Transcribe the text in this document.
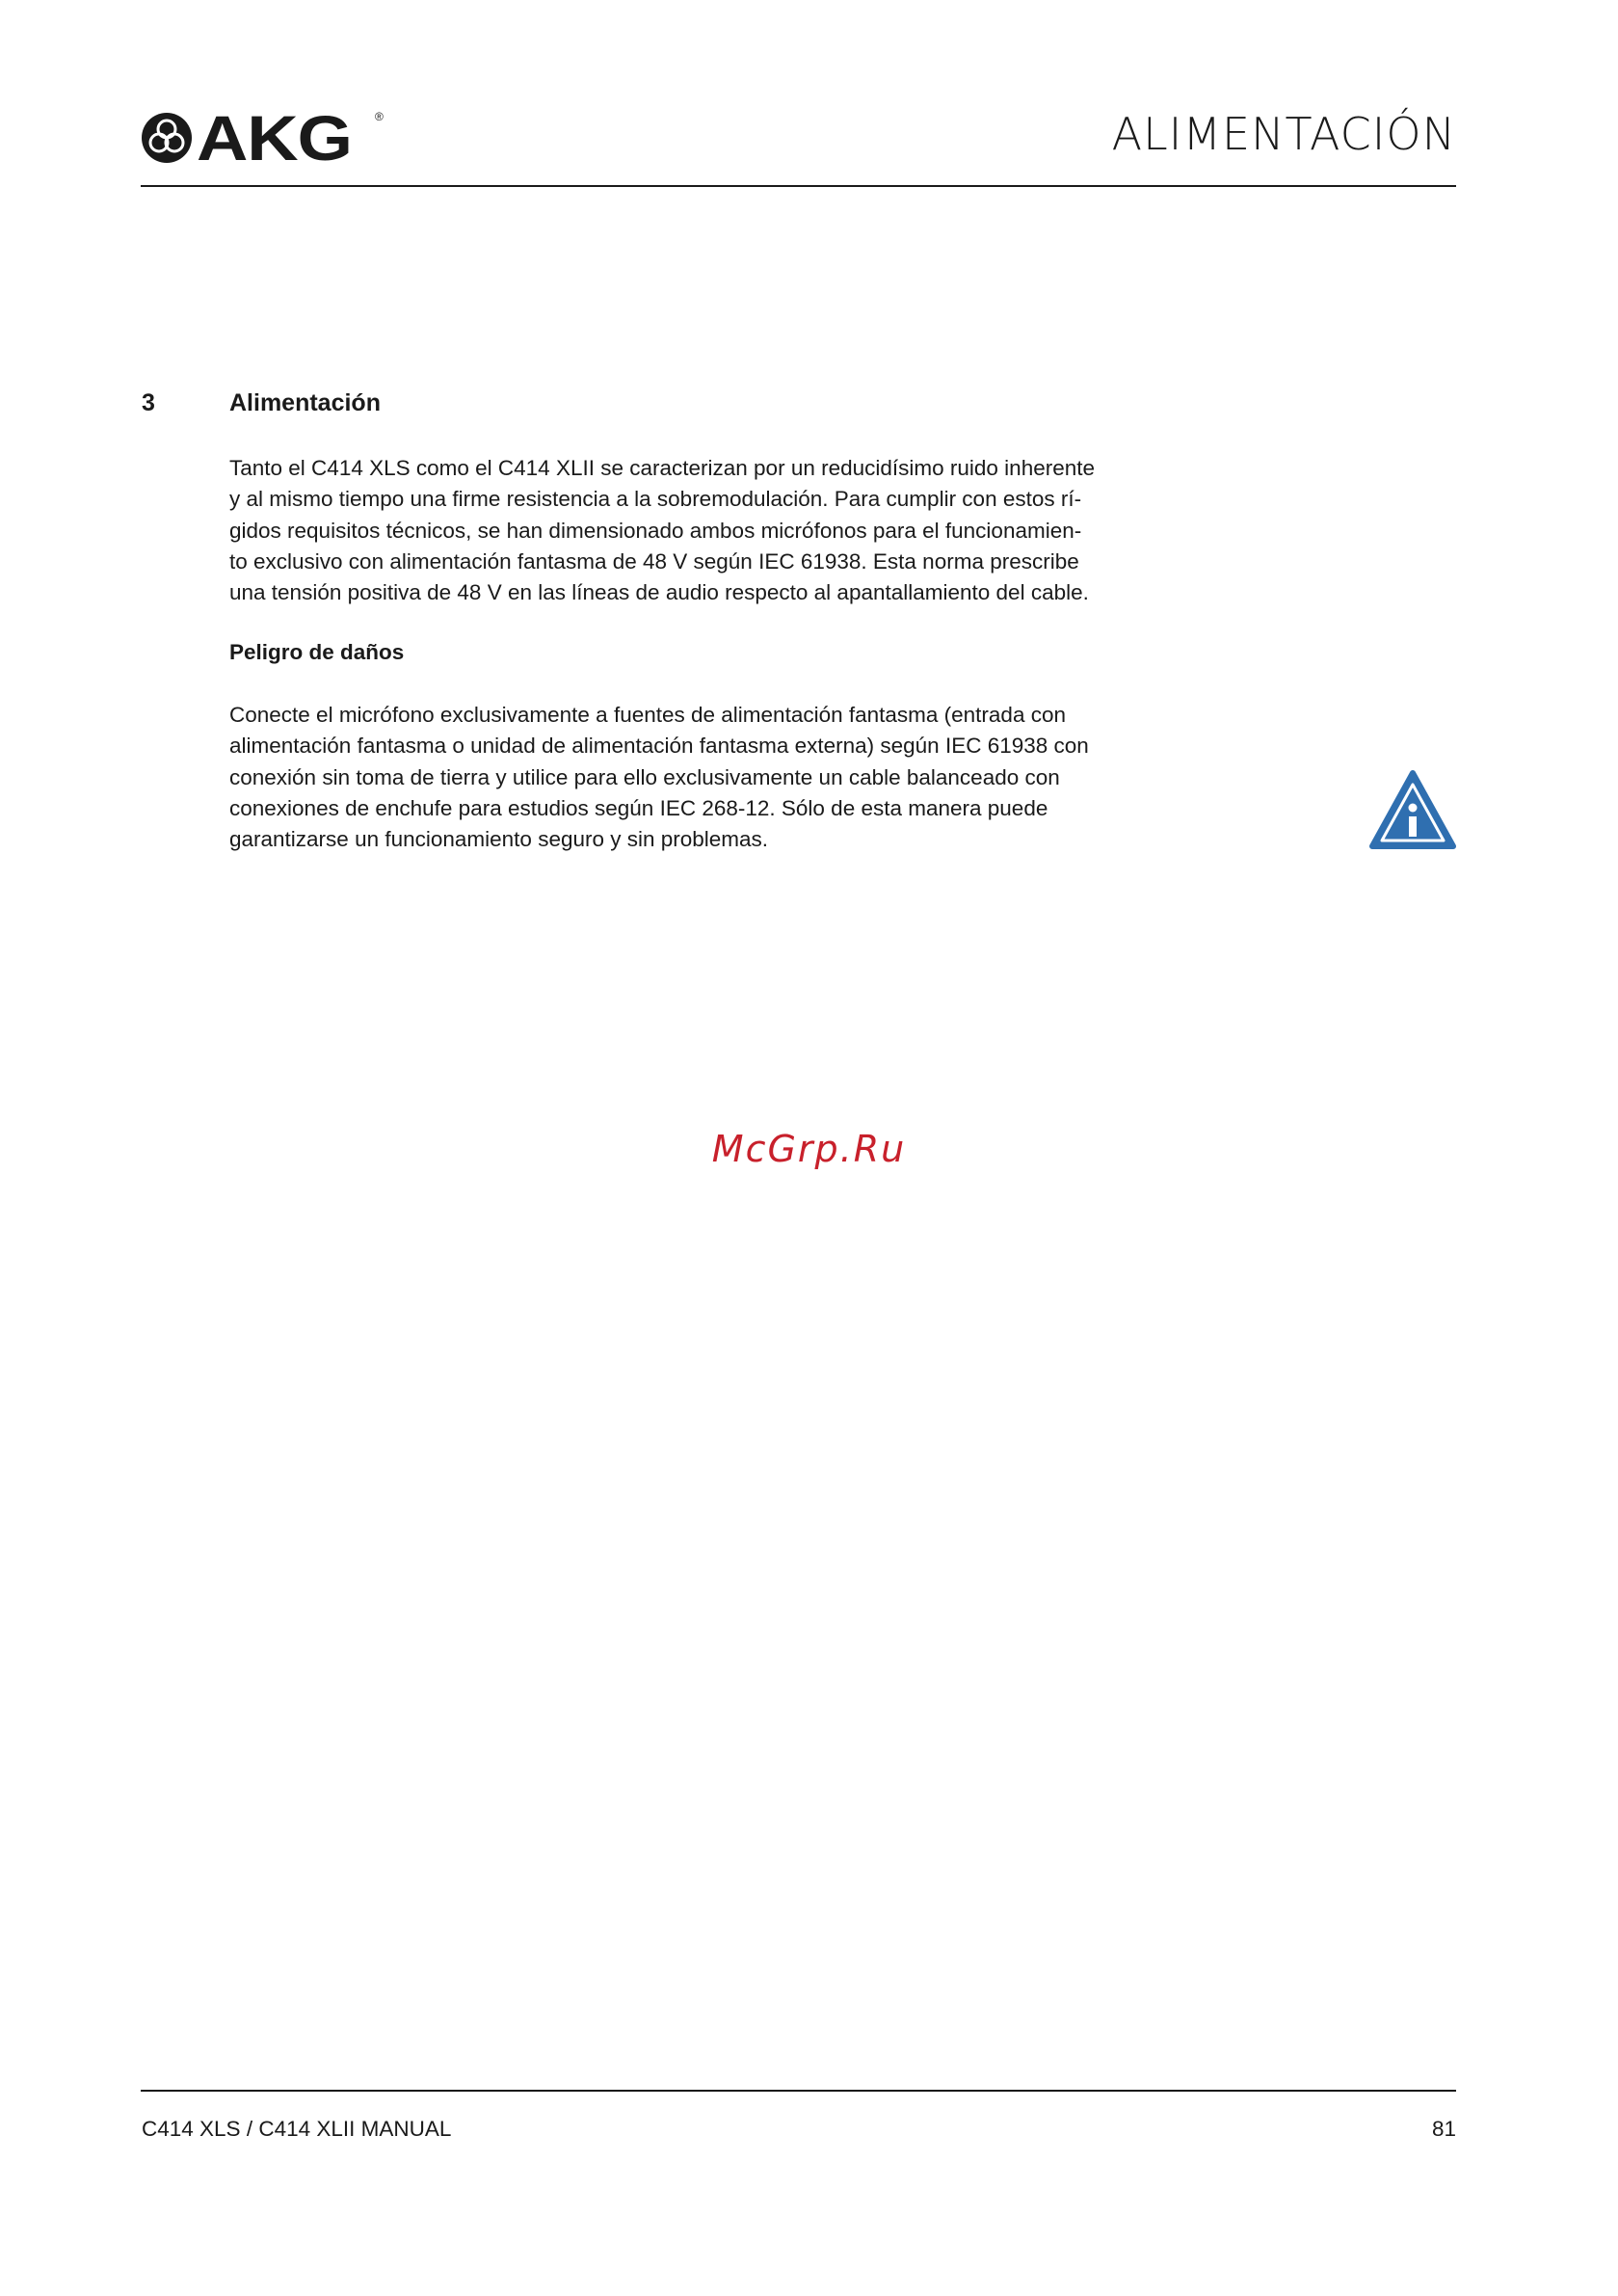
AKG ®	ALIMENTACIÓN
3	Alimentación

Tanto el C414 XLS como el C414 XLII se caracterizan por un reducidísimo ruido inherente
y al mismo tiempo una firme resistencia a la sobremodulación. Para cumplir con estos rí-
gidos requisitos técnicos, se han dimensionado ambos micrófonos para el funcionamien-
to exclusivo con alimentación fantasma de 48 V según IEC 61938. Esta norma prescribe
una tensión positiva de 48 V en las líneas de audio respecto al apantallamiento del cable.

Peligro de daños

Conecte el micrófono exclusivamente a fuentes de alimentación fantasma (entrada con
alimentación fantasma o unidad de alimentación fantasma externa) según IEC 61938 con
conexión sin toma de tierra y utilice para ello exclusivamente un cable balanceado con
conexiones de enchufe para estudios según IEC 268-12. Sólo de esta manera puede
garantizarse un funcionamiento seguro y sin problemas.

McGrp.Ru
C414 XLS / C414 XLII MANUAL	81
